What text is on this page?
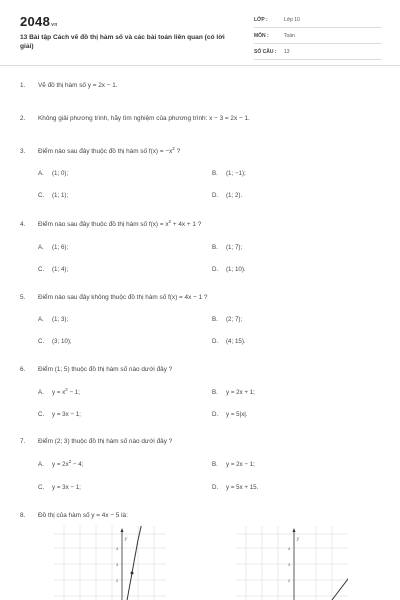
2048vn
13 Bài tập Cách vẽ đồ thị hàm số và các bài toán liên quan (có lời giải)
LỚP :	Lớp 10
MÔN :	Toán
SỐ CÂU : 13
1.	Vẽ đồ thị hàm số y = 2x − 1.
2.	Không giải phương trình, hãy tìm nghiệm của phương trình: x − 3 = 2x − 1.
3.	Điểm nào sau đây thuộc đồ thị hàm số $f(x) = -x^2$ ?
A. (1; 0);	B. (1; −1);
C. (1; 1);	D. (1; 2).
4.	Điểm nào sau đây thuộc đồ thị hàm số $f(x) = x^2 + 4x + 1$ ?
A. (1; 6);	B. (1; 7);
C. (1; 4);	D. (1; 10).
5.	Điểm nào sau đây không thuộc đồ thị hàm số f(x) = 4x − 1 ?
A. (1; 3);	B. (2; 7);
C. (3; 10);	D. (4; 15).
6.	Điểm (1; 5) thuộc đồ thị hàm số nào dưới đây ?
A. $y = x^2 - 1$;	B. y = 2x + 1;
C. y = 3x − 1;	D. y = 5|x|.
7.	Điểm (2; 3) thuộc đồ thị hàm số nào dưới đây ?
A. $y = 2x^2 - 4$;	B. y = 2x − 1;
C. y = 3x − 1;	D. y = 5x + 15.
8.	Đồ thị của hàm số y = 4x − 5 là:
y
4
3
2
y
4
3
2
